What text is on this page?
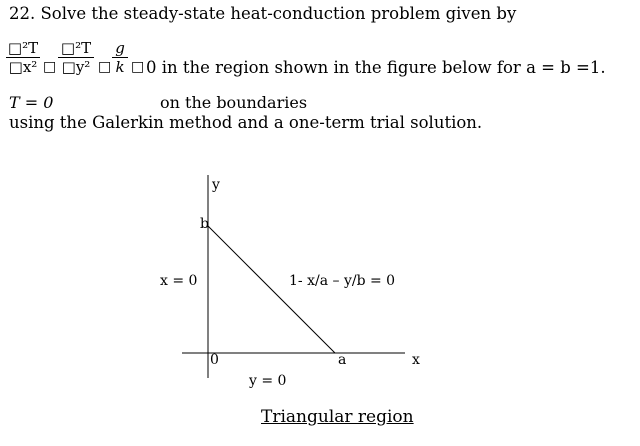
22. Solve the steady-state heat-conduction problem given by
$\frac{\text{□²T}}{\text{□x²}}$ □ $\frac{\text{□²T}}{\text{□y²}}$ □ $\frac{g}{k}$ □ 0 in the region shown in the figure below for a = b =1.
T = 0	on the boundaries
using the Galerkin method and a one-term trial solution.
y
x
b
a
0
x = 0	1- x/a – y/b = 0
y = 0
Triangular region
